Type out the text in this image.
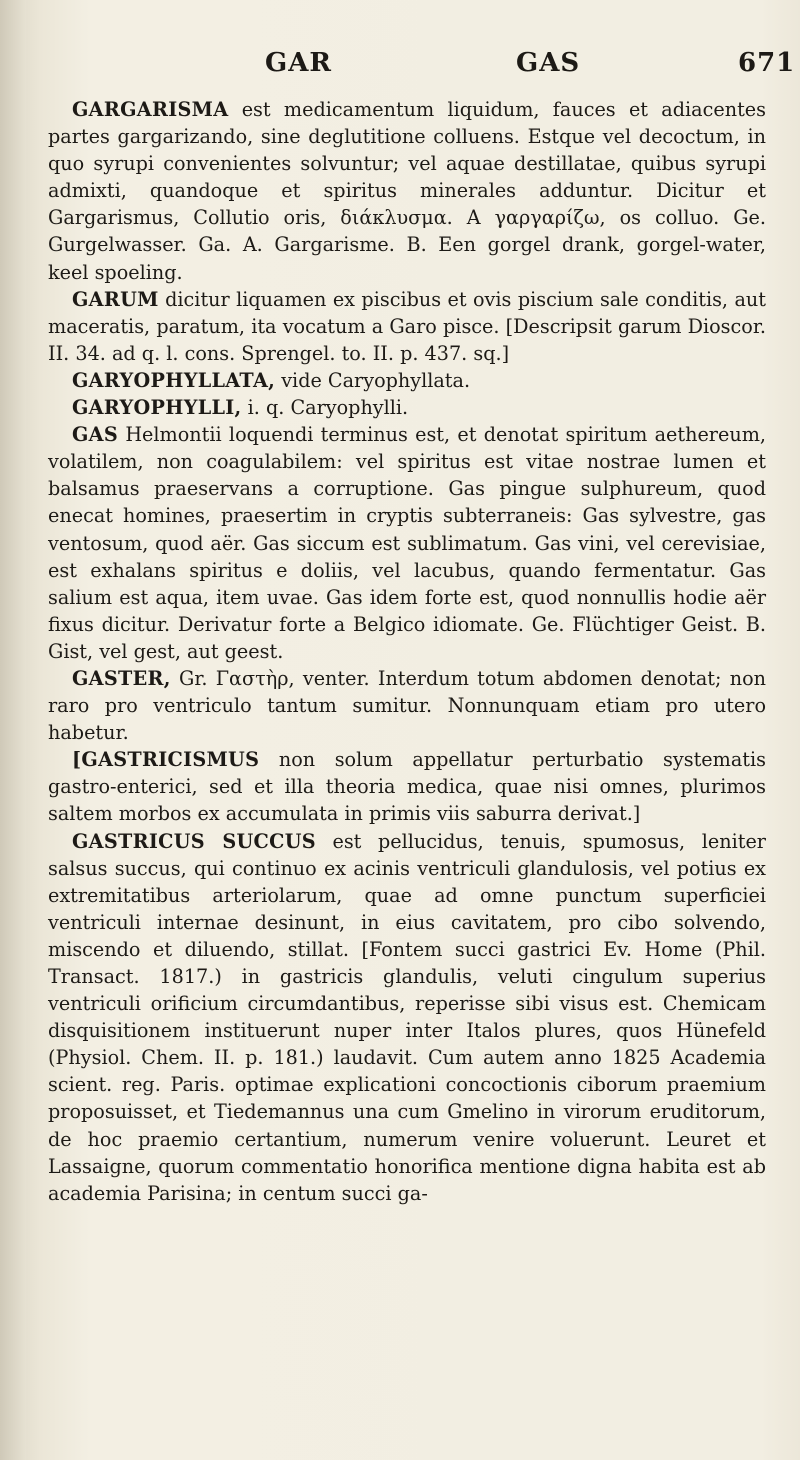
GAR	GAS	671

GARGARISMA est medicamentum liquidum, fauces et adiacentes partes gargarizando, sine deglutitione colluens. Estque vel decoctum, in quo syrupi convenientes solvuntur; vel aquae destillatae, quibus syrupi admixti, quandoque et spiritus minerales adduntur. Dicitur et Gargarismus, Collutio oris, διάκλυσμα. A γαργαρίζω, os colluo. Ge. Gurgelwasser. Ga. A. Gargarisme. B. Een gorgel drank, gorgel-water, keel spoeling.

GARUM dicitur liquamen ex piscibus et ovis piscium sale conditis, aut maceratis, paratum, ita vocatum a Garo pisce. [Descripsit garum Dioscor. II. 34. ad q. l. cons. Sprengel. to. II. p. 437. sq.]

GARYOPHYLLATA, vide Caryophyllata.

GARYOPHYLLI, i. q. Caryophylli.

GAS Helmontii loquendi terminus est, et denotat spiritum aethereum, volatilem, non coagulabilem: vel spiritus est vitae nostrae lumen et balsamus praeservans a corruptione. Gas pingue sulphureum, quod enecat homines, praesertim in cryptis subterraneis: Gas sylvestre, gas ventosum, quod aër. Gas siccum est sublimatum. Gas vini, vel cerevisiae, est exhalans spiritus e doliis, vel lacubus, quando fermentatur. Gas salium est aqua, item uvae. Gas idem forte est, quod nonnullis hodie aër fixus dicitur. Derivatur forte a Belgico idiomate. Ge. Flüchtiger Geist. B. Gist, vel gest, aut geest.

GASTER, Gr. Γαστὴρ, venter. Interdum totum abdomen denotat; non raro pro ventriculo tantum sumitur. Nonnunquam etiam pro utero habetur.

[GASTRICISMUS non solum appellatur perturbatio systematis gastro-enterici, sed et illa theoria medica, quae nisi omnes, plurimos saltem morbos ex accumulata in primis viis saburra derivat.]

GASTRICUS SUCCUS est pellucidus, tenuis, spumosus, leniter salsus succus, qui continuo ex acinis ventriculi glandulosis, vel potius ex extremitatibus arteriolarum, quae ad omne punctum superficiei ventriculi internae desinunt, in eius cavitatem, pro cibo solvendo, miscendo et diluendo, stillat. [Fontem succi gastrici Ev. Home (Phil. Transact. 1817.) in gastricis glandulis, veluti cingulum superius ventriculi orificium circumdantibus, reperisse sibi visus est. Chemicam disquisitionem instituerunt nuper inter Italos plures, quos Hünefeld (Physiol. Chem. II. p. 181.) laudavit. Cum autem anno 1825 Academia scient. reg. Paris. optimae explicationi concoctionis ciborum praemium proposuisset, et Tiedemannus una cum Gmelino in virorum eruditorum, de hoc praemio certantium, numerum venire voluerunt. Leuret et Lassaigne, quorum commentatio honorifica mentione digna habita est ab academia Parisina; in centum succi ga-
